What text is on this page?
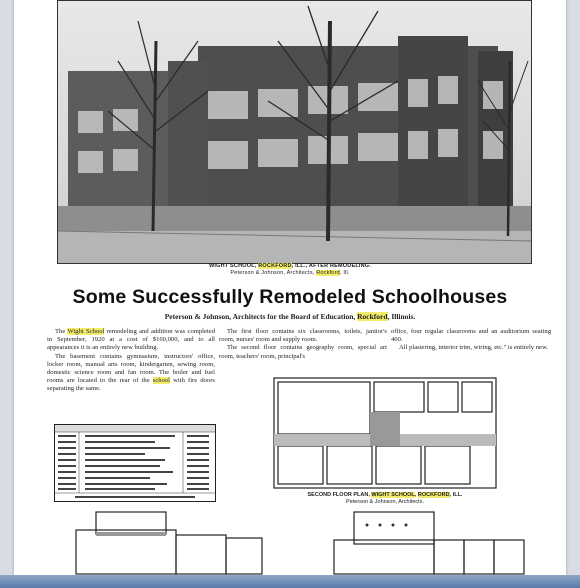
WIGHT SCHOOL, ROCKFORD, ILL., AFTER REMODELING.
Peterson & Johnson, Architects, Rockford, Ill.
Some Successfully Remodeled Schoolhouses
Peterson & Johnson, Architects for the Board of Education, Rockford, Illinois.

The Wight School remodeling and addition was completed in September, 1920 at a cost of $160,000, and to all appearances it is an entirely new building.

The basement contains gymnasium, instructors' office, locker room, manual arts room, kindergarten, sewing room, domestic science room and fan room. The boiler and fuel rooms are located to the rear of the school with fire doors separating the same.

The first floor contains six classrooms, toilets, janitor's room, nurses' room and supply room.

The second floor contains geography room, special art room, teachers' room, principal's

office, four regular classrooms and an auditorium seating 400.

All plastering, interior trim, wiring, etc." is entirely new.

SECOND FLOOR PLAN, WIGHT SCHOOL, ROCKFORD, ILL.
Peterson & Johnson, Architects.
